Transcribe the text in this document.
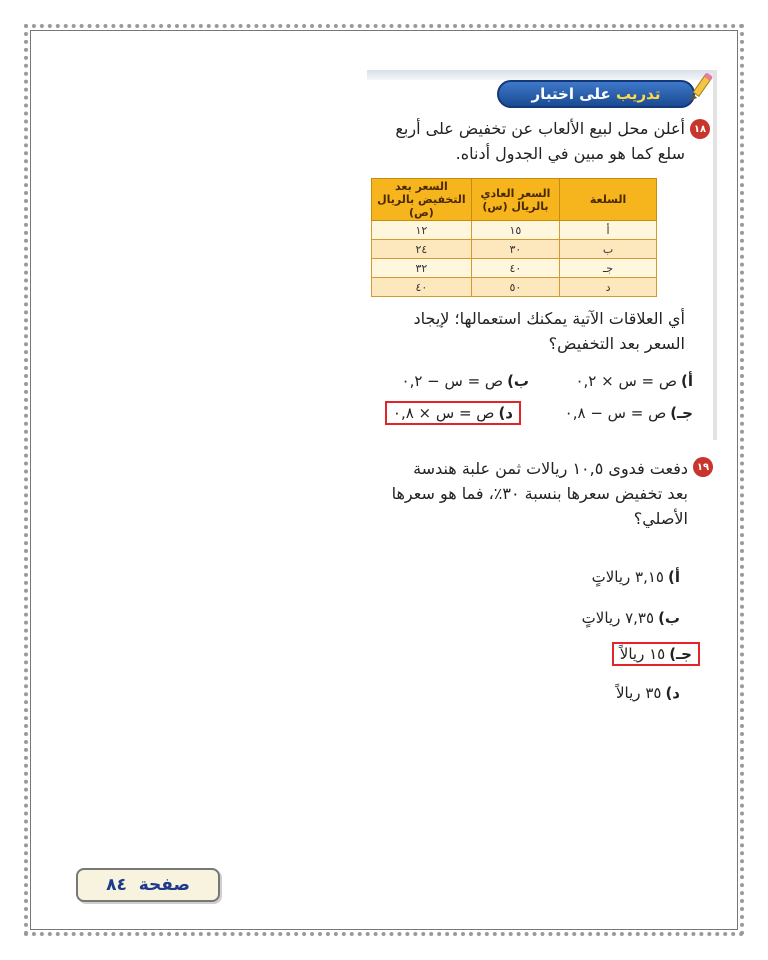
تدريب

على اختبار
١٨
أعلن محل لبيع الألعاب عن تخفيض على أربع
سلع كما هو مبين في الجدول أدناه.
السلعة	السعر العادي بالريال (س)	السعر بعد التخفيض بالريال (ص)
أ	١٥	١٢
ب	٣٠	٢٤
جـ	٤٠	٣٢
د	٥٠	٤٠
أي العلاقات الآتية يمكنك استعمالها؛ لإيجاد
السعر بعد التخفيض؟
أ)ص = س × ٠,٢
ب)ص = س − ٠,٢
جـ)ص = س − ٠,٨
د)ص = س × ٠,٨
١٩
دفعت فدوى ١٠,٥ ريالات ثمن علبة هندسة
بعد تخفيض سعرها بنسبة ٣٠٪، فما هو سعرها
الأصلي؟
أ)٣,١٥ ريالاتٍ
ب)٧,٣٥ ريالاتٍ
جـ)١٥ ريالاً
د)٣٥ ريالاً
صفحة

٨٤
